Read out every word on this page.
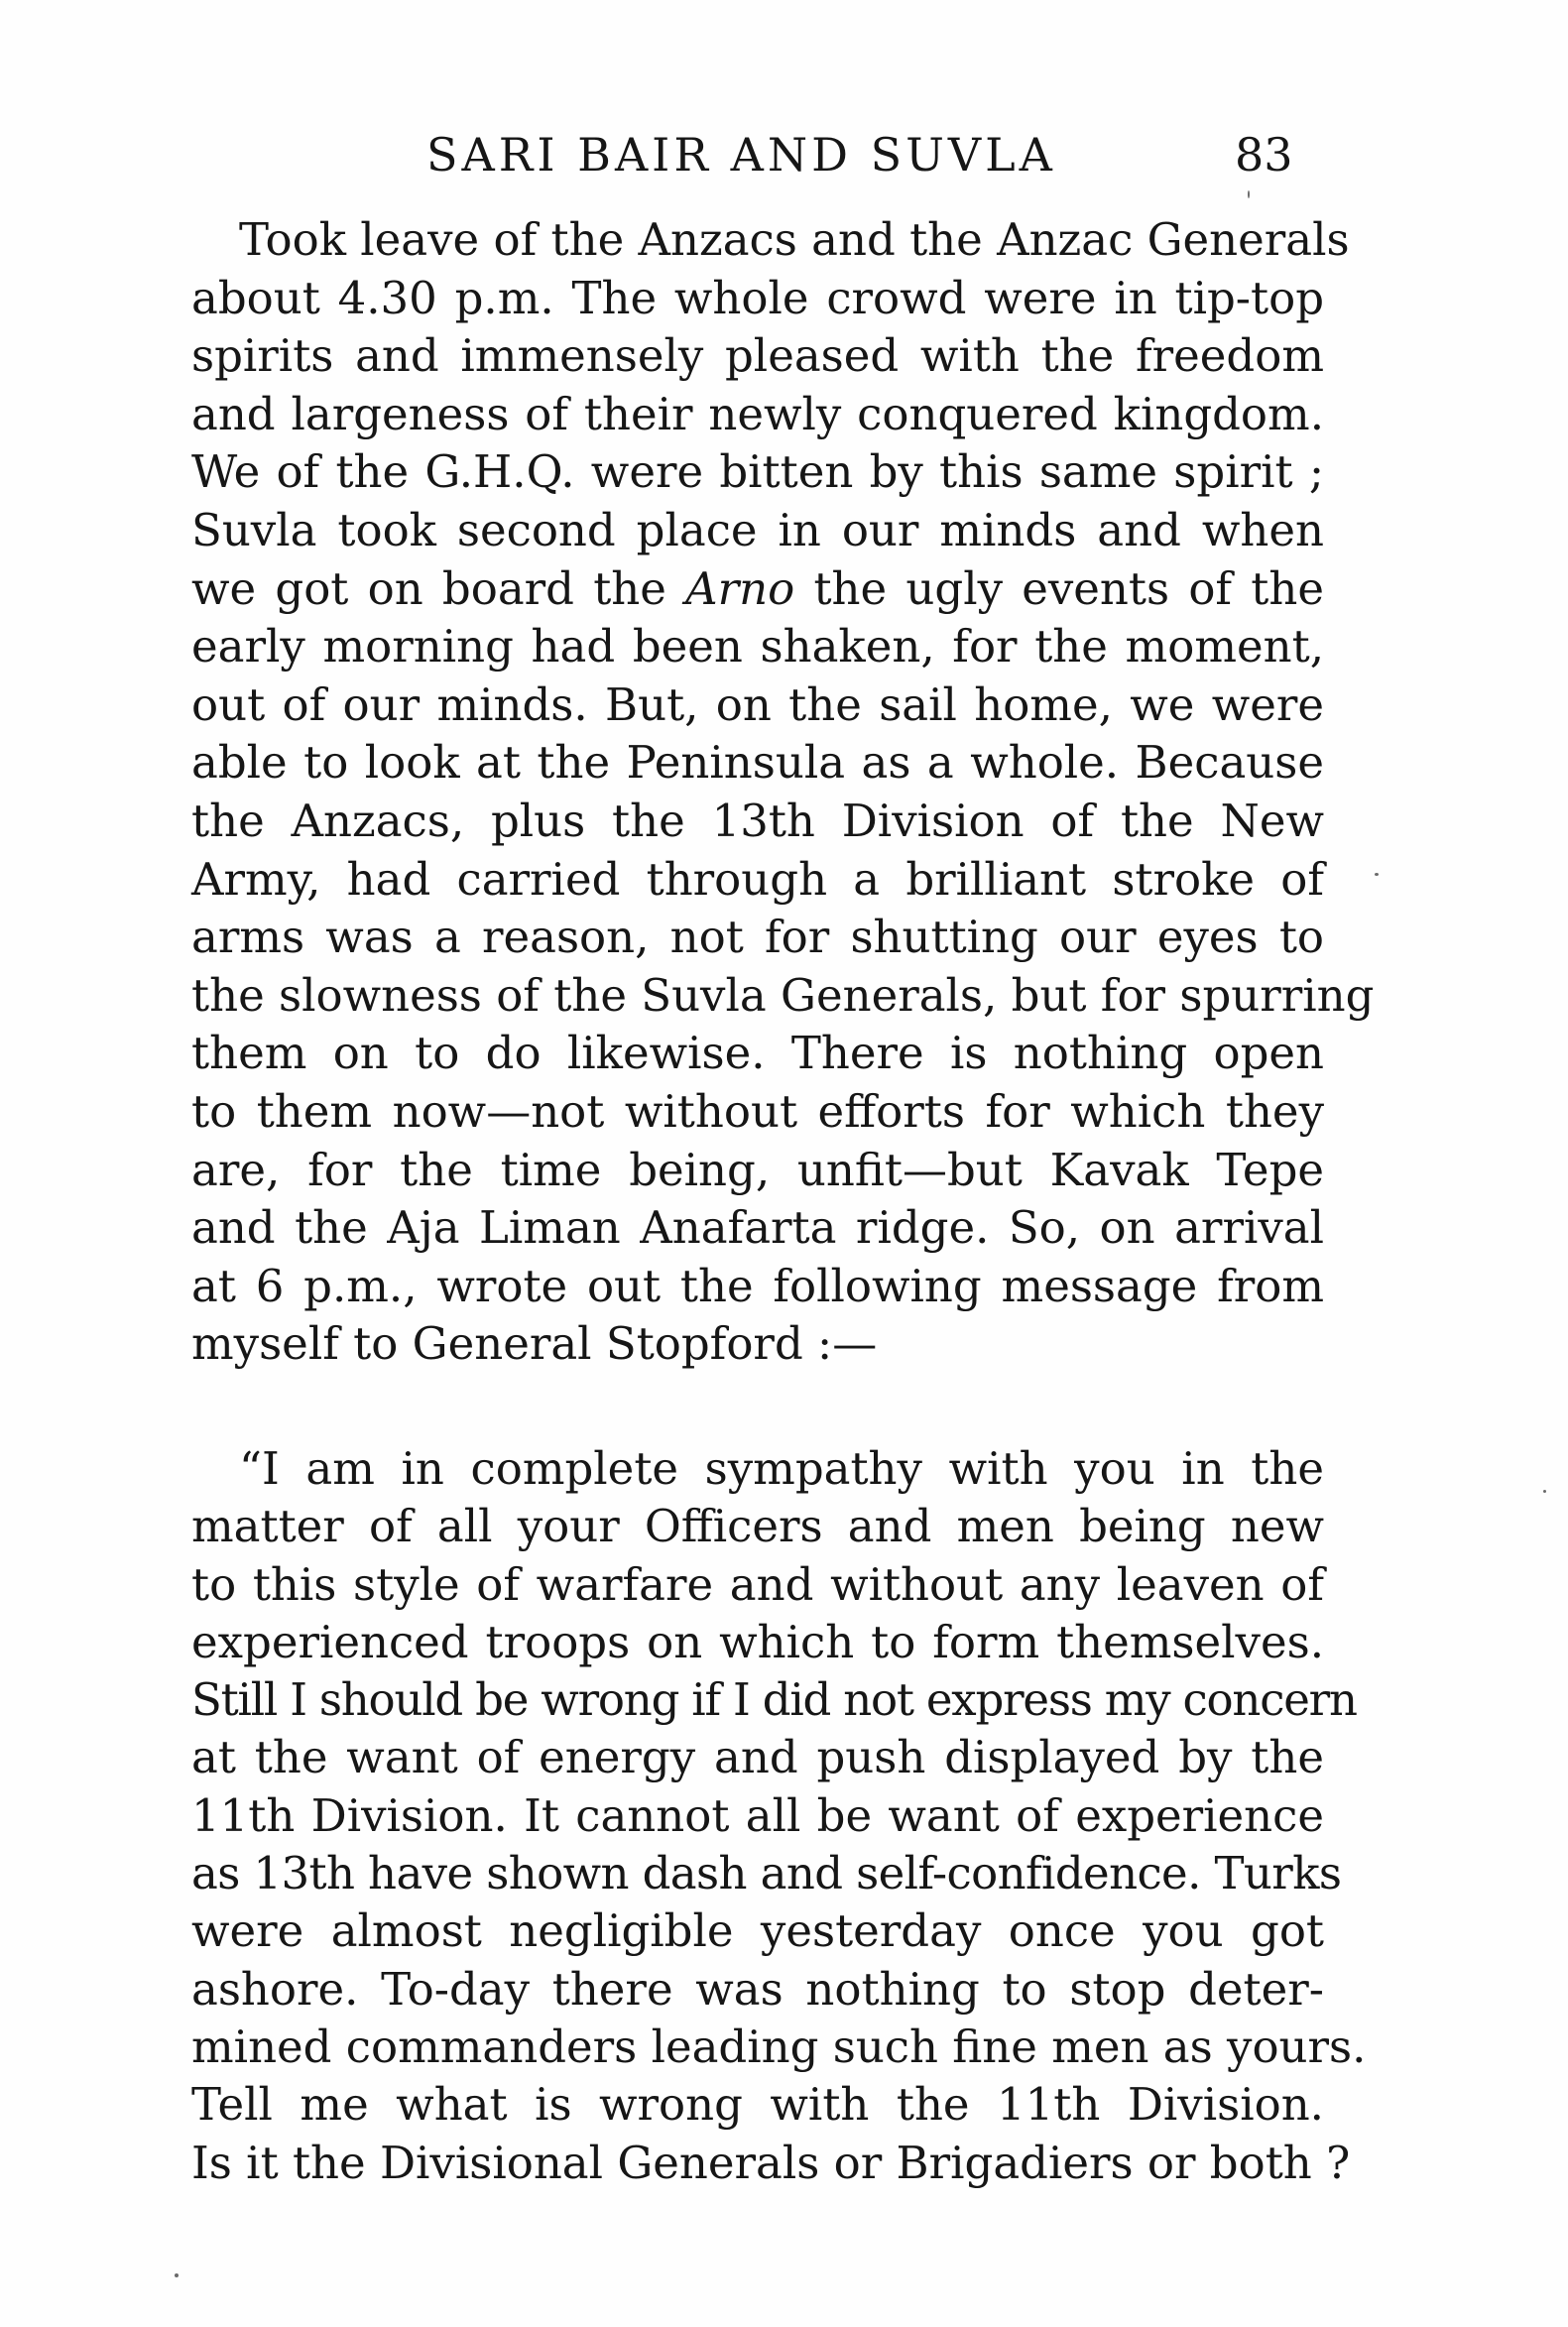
SARI BAIR AND SUVLA	83
Took leave of the Anzacs and the Anzac Generals
about 4.30 p.m. The whole crowd were in tip-top
spirits and immensely pleased with the freedom
and largeness of their newly conquered kingdom.
We of the G.H.Q. were bitten by this same spirit ;
Suvla took second place in our minds and when
we got on board the Arno the ugly events of the
early morning had been shaken, for the moment,
out of our minds. But, on the sail home, we were
able to look at the Peninsula as a whole. Because
the Anzacs, plus the 13th Division of the New
Army, had carried through a brilliant stroke of
arms was a reason, not for shutting our eyes to
the slowness of the Suvla Generals, but for spurring
them on to do likewise. There is nothing open
to them now—not without efforts for which they
are, for the time being, unfit—but Kavak Tepe
and the Aja Liman Anafarta ridge. So, on arrival
at 6 p.m., wrote out the following message from
myself to General Stopford :—
“I am in complete sympathy with you in the
matter of all your Officers and men being new
to this style of warfare and without any leaven of
experienced troops on which to form themselves.
Still I should be wrong if I did not express my concern
at the want of energy and push displayed by the
11th Division. It cannot all be want of experience
as 13th have shown dash and self-confidence. Turks
were almost negligible yesterday once you got
ashore. To-day there was nothing to stop deter-
mined commanders leading such fine men as yours.
Tell me what is wrong with the 11th Division.
Is it the Divisional Generals or Brigadiers or both ?
